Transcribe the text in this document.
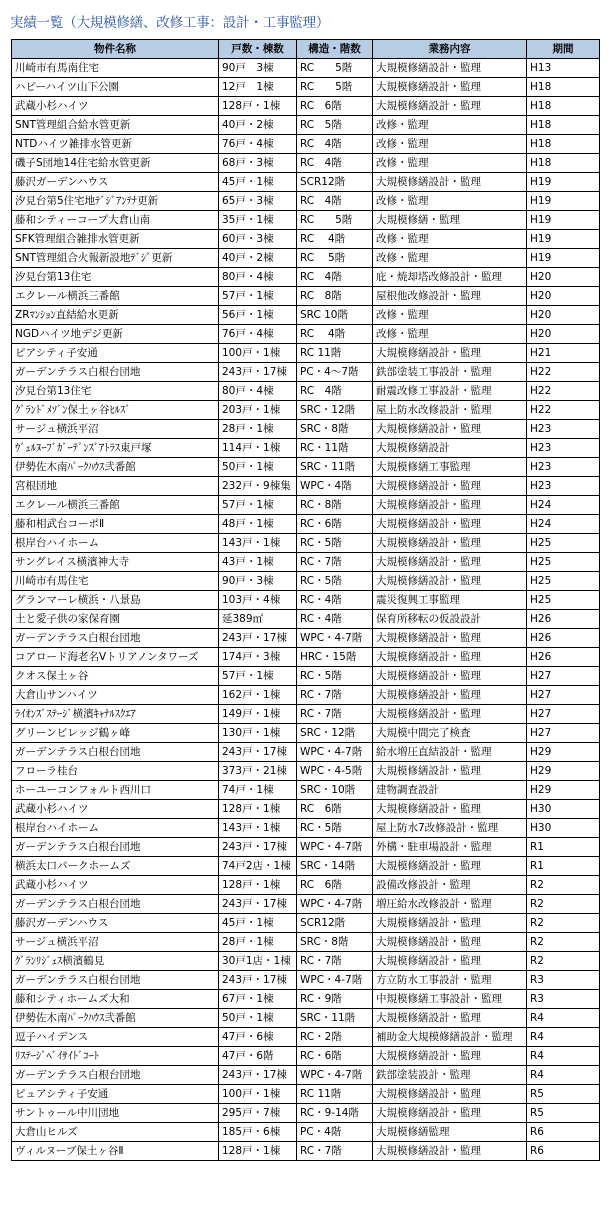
実績一覧（大規模修繕、改修工事：設計・工事監理）
物件名称	戸数・棟数	構造・階数	業務内容	期間
川崎市有馬南住宅	90戸　3棟	RC　　5階	大規模修繕設計・監理	H13
ハピーハイツ山下公園	12戸　1棟	RC　　5階	大規模修繕設計・監理	H18
武蔵小杉ハイツ	128戸・1棟	RC　6階	大規模修繕設計・監理	H18
SNT管理組合給水管更新	40戸・2棟	RC　5階	改修・監理	H18
NTDハイツ雑排水管更新	76戸・4棟	RC　4階	改修・監理	H18
磯子S団地14住宅給水管更新	68戸・3棟	RC　4階	改修・監理	H18
藤沢ガーデンハウス	45戸・1棟	SCR12階	大規模修繕設計・監理	H19
汐見台第5住宅地ﾃﾞｼﾞｱﾝﾃﾅ更新	65戸・3棟	RC　4階	改修・監理	H19
藤和シティーコープ大倉山南	35戸・1棟	RC　　5階	大規模修繕・監理	H19
SFK管理組合雑排水管更新	60戸・3棟	RC　 4階	改修・監理	H19
SNT管理組合火報新設地ﾃﾞｼﾞ更新	40戸・2棟	RC　 5階	改修・監理	H19
汐見台第13住宅	80戸・4棟	RC　4階	庇・焼却塔改修設計・監理	H20
エクレール横浜三番館	57戸・1棟	RC　8階	屋根他改修設計・監理	H20
ZRﾏﾝｼｮﾝ直結給水更新	56戸・1棟	SRC 10階	改修・監理	H20
NGDハイツ地デジ更新	76戸・4棟	RC　 4階	改修・監理	H20
ピアシティ子安通	100戸・1棟	RC 11階	大規模修繕設計・監理	H21
ガーデンテラス白根台団地	243戸・17棟	PC・4～7階	鉄部塗装工事設計・監理	H22
汐見台第13住宅	80戸・4棟	RC　4階	耐震改修工事設計・監理	H22
ｸﾞﾗﾝﾄﾞﾒｿﾞﾝ保土ヶ谷ﾋﾙｽﾞ	203戸・1棟	SRC・12階	屋上防水改修設計・監理	H22
サージュ横浜平沼	28戸・1棟	SRC・8階	大規模修繕設計・監理	H23
ｳﾞｪﾙﾇｰﾌﾞｶﾞｰﾃﾞﾝｽﾞｱﾄﾗｽ東戸塚	114戸・1棟	RC・11階	大規模修繕設計	H23
伊勢佐木南ﾊﾟｰｸﾊｳｽ弐番館	50戸・1棟	SRC・11階	大規模修繕工事監理	H23
宮根団地	232戸・9棟集	WPC・4階	大規模修繕設計・監理	H23
エクレール横浜三番館	57戸・1棟	RC・8階	大規模修繕設計・監理	H24
藤和相武台コーポⅡ	48戸・1棟	RC・6階	大規模修繕設計・監理	H24
根岸台ハイホーム	143戸・1棟	RC・5階	大規模修繕設計・監理	H25
サングレイス横濱神大寺	43戸・1棟	RC・7階	大規模修繕設計・監理	H25
川崎市有馬住宅	90戸・3棟	RC・5階	大規模修繕設計・監理	H25
グランマーレ横浜・八景島	103戸・4棟	RC・4階	震災復興工事監理	H25
土と愛子供の家保育園	延389㎡	RC・4階	保育所移転の仮設設計	H26
ガーデンテラス白根台団地	243戸・17棟	WPC・4-7階	大規模修繕設計・監理	H26
コアロード海老名Vトリアノンタワーズ	174戸・3棟	HRC・15階	大規模修繕設計・監理	H26
クオス保土ヶ谷	57戸・1棟	RC・5階	大規模修繕設計・監理	H27
大倉山サンハイツ	162戸・1棟	RC・7階	大規模修繕設計・監理	H27
ﾗｲｵﾝｽﾞｽﾃｰｼﾞ横濱ｷｬﾅﾙｽｸｴｱ	149戸・1棟	RC・7階	大規模修繕設計・監理	H27
グリーンビレッジ鶴ヶ峰	130戸・1棟	SRC・12階	大規模中間完了検査	H27
ガーデンテラス白根台団地	243戸・17棟	WPC・4-7階	給水増圧直結設計・監理	H29
フローラ桂台	373戸・21棟	WPC・4-5階	大規模修繕設計・監理	H29
ホーユーコンフォルト西川口	74戸・1棟	SRC・10階	建物調査設計	H29
武蔵小杉ハイツ	128戸・1棟	RC　6階	大規模修繕設計・監理	H30
根岸台ハイホーム	143戸・1棟	RC・5階	屋上防水7改修設計・監理	H30
ガーデンテラス白根台団地	243戸・17棟	WPC・4-7階	外構・駐車場設計・監理	R1
横浜太口パークホームズ	74戸2店・1棟	SRC・14階	大規模修繕設計・監理	R1
武蔵小杉ハイツ	128戸・1棟	RC　6階	設備改修設計・監理	R2
ガーデンテラス白根台団地	243戸・17棟	WPC・4-7階	増圧給水改修設計・監理	R2
藤沢ガーデンハウス	45戸・1棟	SCR12階	大規模修繕設計・監理	R2
サージュ横浜平沼	28戸・1棟	SRC・8階	大規模修繕設計・監理	R2
ｸﾞﾗﾝﾘｼﾞｪｽ横濱鶴見	30戸1店・1棟	RC・7階	大規模修繕設計・監理	R2
ガーデンテラス白根台団地	243戸・17棟	WPC・4-7階	方立防水工事設計・監理	R3
藤和シティホームズ大和	67戸・1棟	RC・9階	中規模修繕工事設計・監理	R3
伊勢佐木南ﾊﾟｰｸﾊｳｽ弐番館	50戸・1棟	SRC・11階	大規模修繕設計・監理	R4
逗子ハイデンス	47戸・6棟	RC・2階	補助金大規模修繕設計・監理	R4
ﾘｽﾃｰｼﾞﾍﾞｲｻｲﾄﾞｺｰﾄ	47戸・6階	RC・6階	大規模修繕設計・監理	R4
ガーデンテラス白根台団地	243戸・17棟	WPC・4-7階	鉄部塗装設計・監理	R4
ピュアシティ子安通	100戸・1棟	RC 11階	大規模修繕設計・監理	R5
サントゥール中川団地	295戸・7棟	RC・9-14階	大規模修繕設計・監理	R5
大倉山ヒルズ	185戸・6棟	PC・4階	大規模修繕監理	R6
ヴィルヌーブ保土ヶ谷Ⅱ	128戸・1棟	RC・7階	大規模修繕設計・監理	R6
